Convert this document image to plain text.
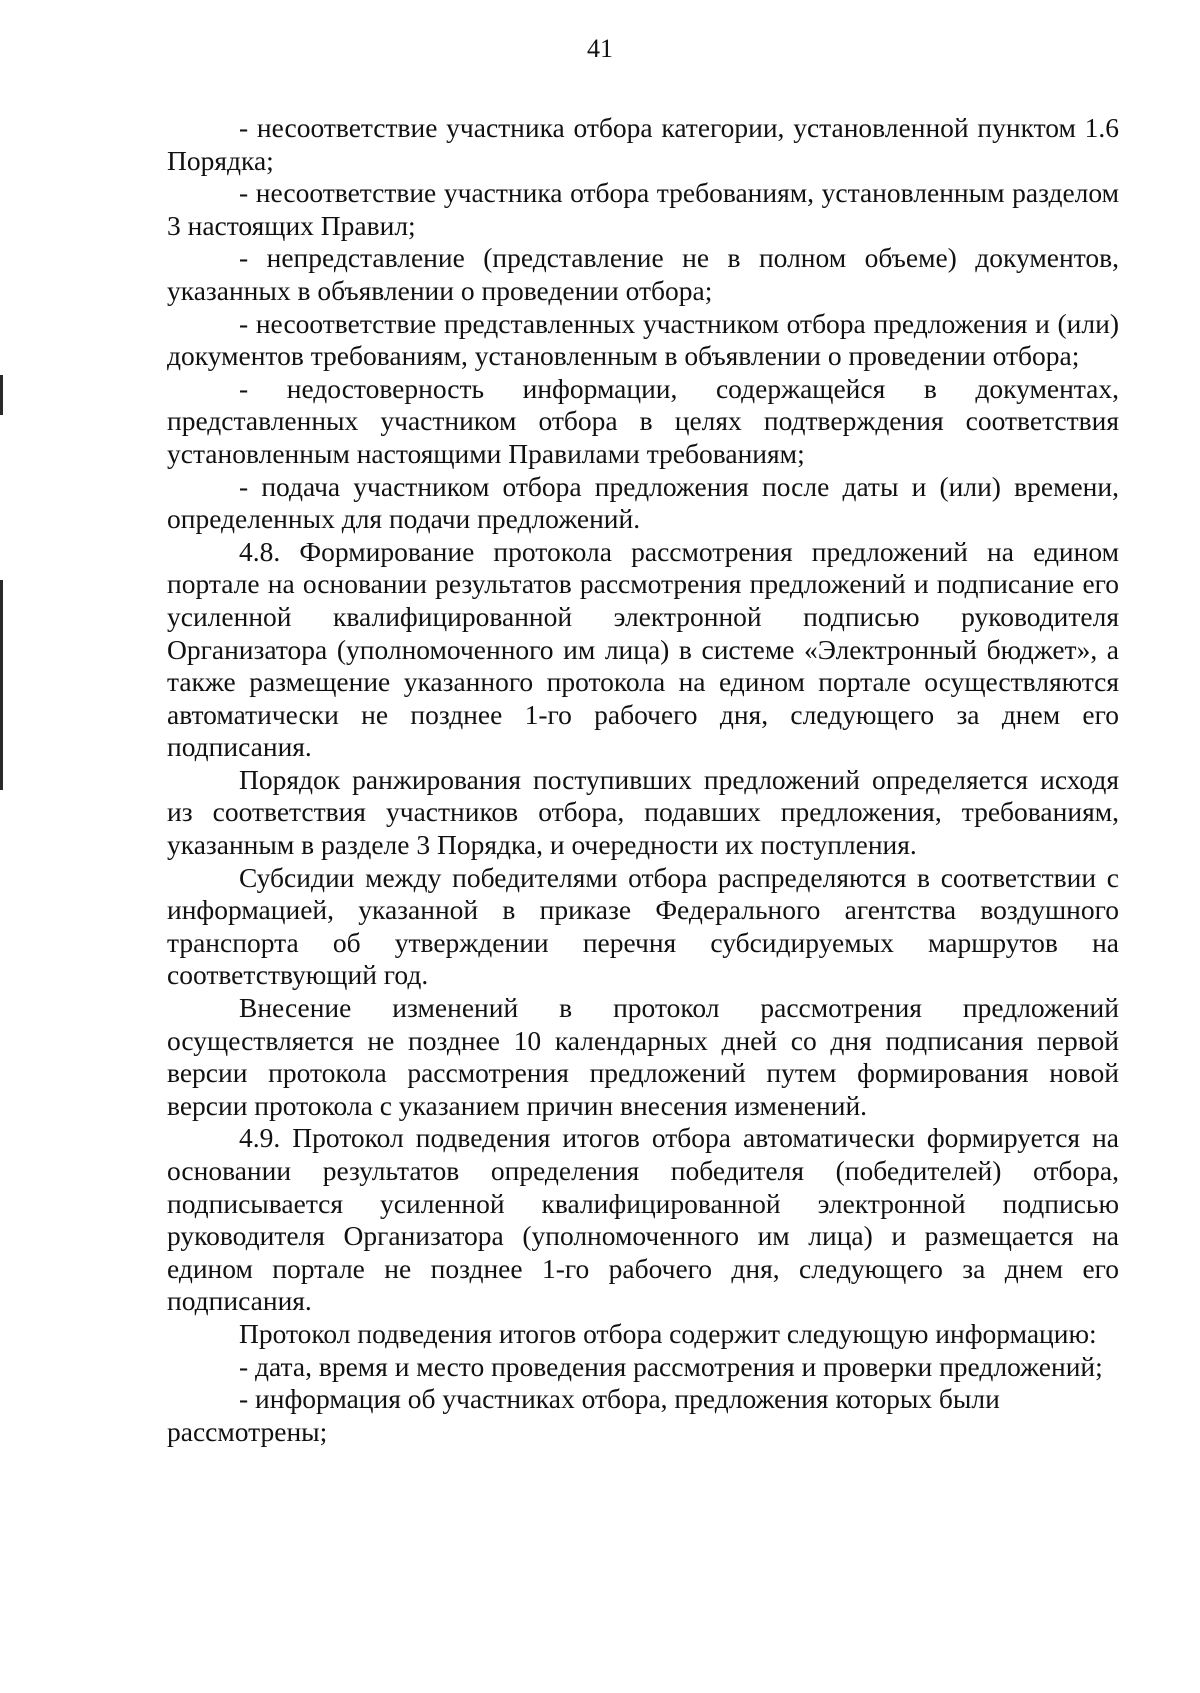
41

- несоответствие участника отбора категории, установленной пунктом 1.6 Порядка;

- несоответствие участника отбора требованиям, установленным разделом 3 настоящих Правил;

- непредставление (представление не в полном объеме) документов, указанных в объявлении о проведении отбора;

- несоответствие представленных участником отбора предложения и (или) документов требованиям, установленным в объявлении о проведении отбора;

- недостоверность информации, содержащейся в документах, представленных участником отбора в целях подтверждения соответствия установленным настоящими Правилами требованиям;

- подача участником отбора предложения после даты и (или) времени, определенных для подачи предложений.

4.8. Формирование протокола рассмотрения предложений на едином портале на основании результатов рассмотрения предложений и подписание его усиленной квалифицированной электронной подписью руководителя Организатора (уполномоченного им лица) в системе «Электронный бюджет», а также размещение указанного протокола на едином портале осуществляются автоматически не позднее 1-го рабочего дня, следующего за днем его подписания.

Порядок ранжирования поступивших предложений определяется исходя из соответствия участников отбора, подавших предложения, требованиям, указанным в разделе 3 Порядка, и очередности их поступления.

Субсидии между победителями отбора распределяются в соответствии с информацией, указанной в приказе Федерального агентства воздушного транспорта об утверждении перечня субсидируемых маршрутов на соответствующий год.

Внесение изменений в протокол рассмотрения предложений осуществляется не позднее 10 календарных дней со дня подписания первой версии протокола рассмотрения предложений путем формирования новой версии протокола с указанием причин внесения изменений.

4.9. Протокол подведения итогов отбора автоматически формируется на основании результатов определения победителя (победителей) отбора, подписывается усиленной квалифицированной электронной подписью руководителя Организатора (уполномоченного им лица) и размещается на едином портале не позднее 1-го рабочего дня, следующего за днем его подписания.

Протокол подведения итогов отбора содержит следующую информацию:

- дата, время и место проведения рассмотрения и проверки предложений;

- информация об участниках отбора, предложения которых были рассмотрены;
